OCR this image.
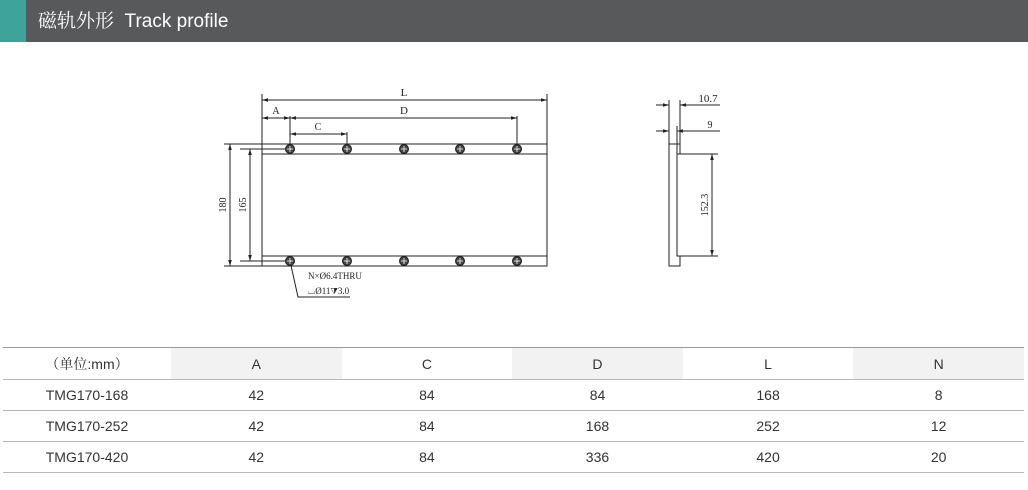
磁轨外形  Track profile
L
A	D
C
180 165
N×Ø6.4THRU
⌴Ø11⧩3.0
10.7
9
152.3
（单位:mm）	A	C	D	L	N
TMG170-168	42	84	84	168	8
TMG170-252	42	84	168	252	12
TMG170-420	42	84	336	420	20
